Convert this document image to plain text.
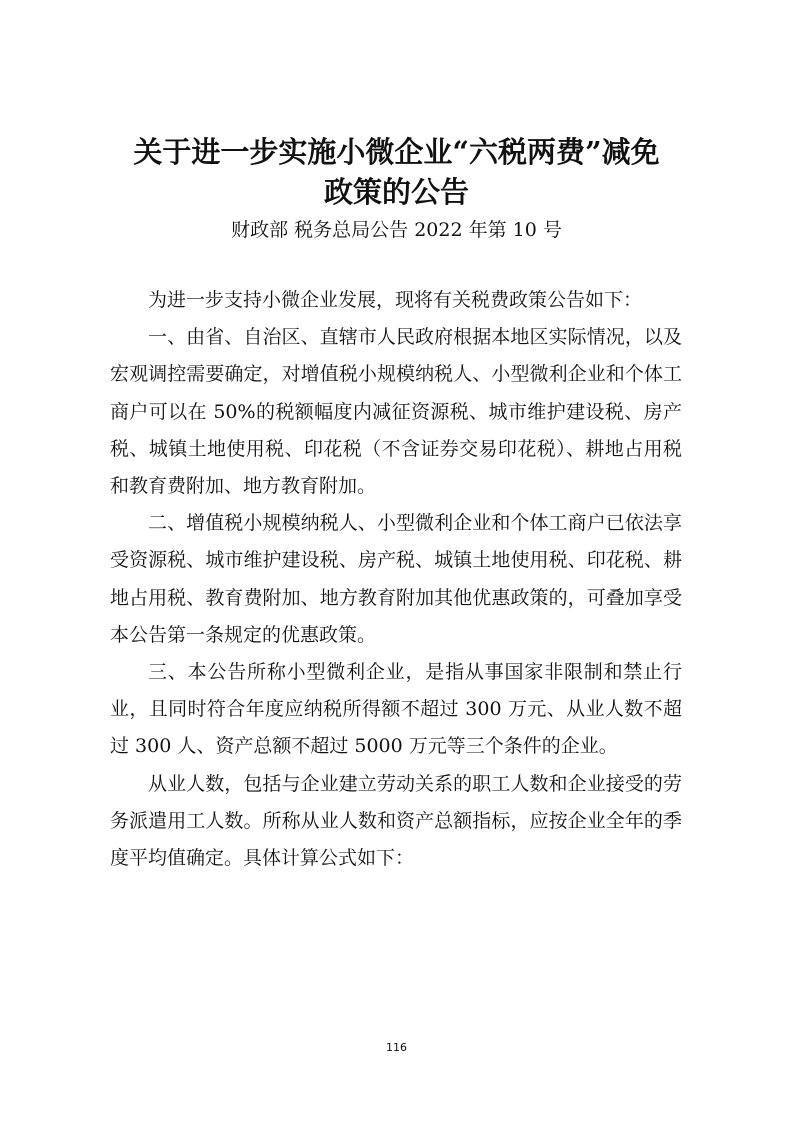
关于进一步实施小微企业“六税两费”减免
政策的公告

财政部 税务总局公告 2022 年第 10 号

为进一步支持小微企业发展，现将有关税费政策公告如下：

一、由省、自治区、直辖市人民政府根据本地区实际情况，以及宏观调控需要确定，对增值税小规模纳税人、小型微利企业和个体工商户可以在 50%的税额幅度内减征资源税、城市维护建设税、房产税、城镇土地使用税、印花税（不含证券交易印花税）、耕地占用税和教育费附加、地方教育附加。

二、增值税小规模纳税人、小型微利企业和个体工商户已依法享受资源税、城市维护建设税、房产税、城镇土地使用税、印花税、耕地占用税、教育费附加、地方教育附加其他优惠政策的，可叠加享受本公告第一条规定的优惠政策。

三、本公告所称小型微利企业，是指从事国家非限制和禁止行业，且同时符合年度应纳税所得额不超过 300 万元、从业人数不超过 300 人、资产总额不超过 5000 万元等三个条件的企业。

从业人数，包括与企业建立劳动关系的职工人数和企业接受的劳务派遣用工人数。所称从业人数和资产总额指标，应按企业全年的季度平均值确定。具体计算公式如下：

116
